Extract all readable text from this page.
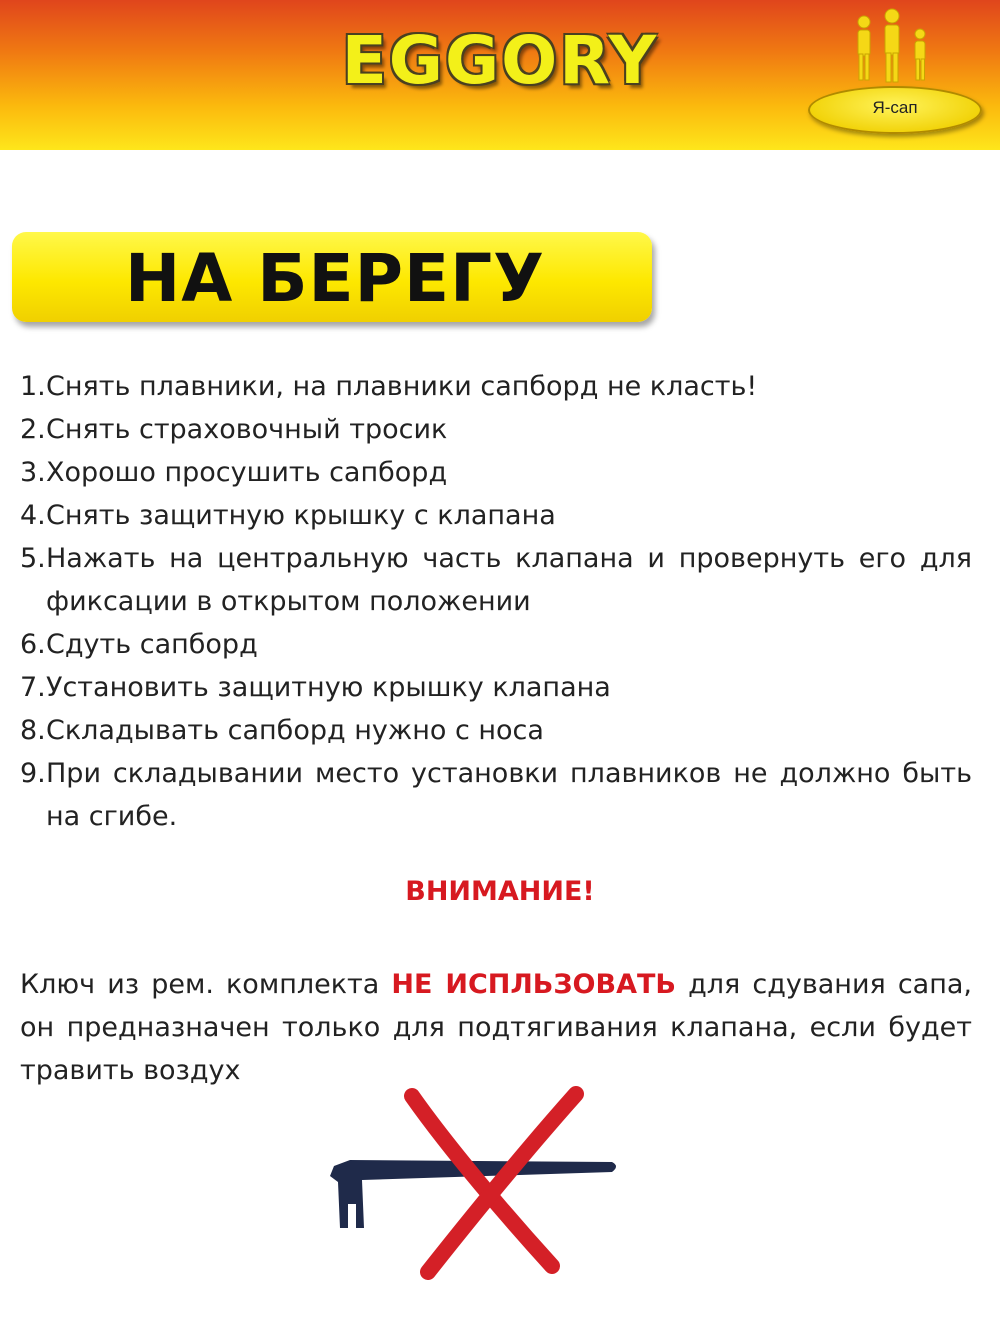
EGGORY
Я-сап
НА БЕРЕГУ
1. Снять плавники, на плавники сапборд не класть!
2. Снять страховочный тросик
3. Хорошо просушить сапборд
4. Снять защитную крышку с клапана
5. Нажать на центральную часть клапана и провернуть его для фиксации в открытом положении
6. Сдуть сапборд
7. Установить защитную крышку клапана
8. Складывать сапборд нужно с носа
9. При складывании место установки плавников не должно быть на сгибе.
ВНИМАНИЕ!
Ключ из рем. комплекта НЕ ИСПЛЬЗОВАТЬ для сдувания сапа, он предназначен только для подтягивания клапана, если будет травить воздух
